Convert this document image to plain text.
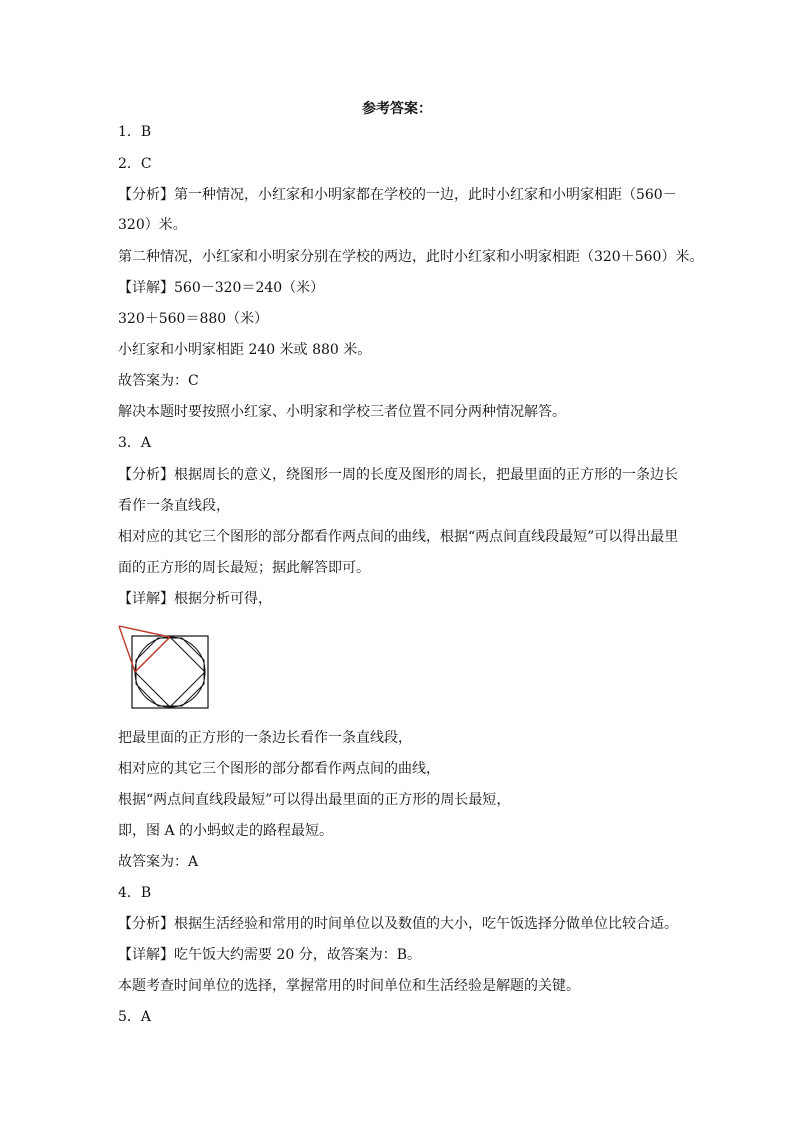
参考答案：
1．B
2．C
【分析】第一种情况，小红家和小明家都在学校的一边，此时小红家和小明家相距（560－
320）米。
第二种情况，小红家和小明家分别在学校的两边，此时小红家和小明家相距（320＋560）米。
【详解】560－320＝240（米）
320＋560＝880（米）
小红家和小明家相距 240 米或 880 米。
故答案为：C
解决本题时要按照小红家、小明家和学校三者位置不同分两种情况解答。
3．A
【分析】根据周长的意义，绕图形一周的长度及图形的周长，把最里面的正方形的一条边长
看作一条直线段，
相对应的其它三个图形的部分都看作两点间的曲线，根据“两点间直线段最短”可以得出最里
面的正方形的周长最短；据此解答即可。
【详解】根据分析可得，
把最里面的正方形的一条边长看作一条直线段，
相对应的其它三个图形的部分都看作两点间的曲线，
根据“两点间直线段最短”可以得出最里面的正方形的周长最短，
即，图 A 的小蚂蚁走的路程最短。
故答案为：A
4．B
【分析】根据生活经验和常用的时间单位以及数值的大小，吃午饭选择分做单位比较合适。
【详解】吃午饭大约需要 20 分，故答案为：B。
本题考查时间单位的选择，掌握常用的时间单位和生活经验是解题的关键。
5．A
